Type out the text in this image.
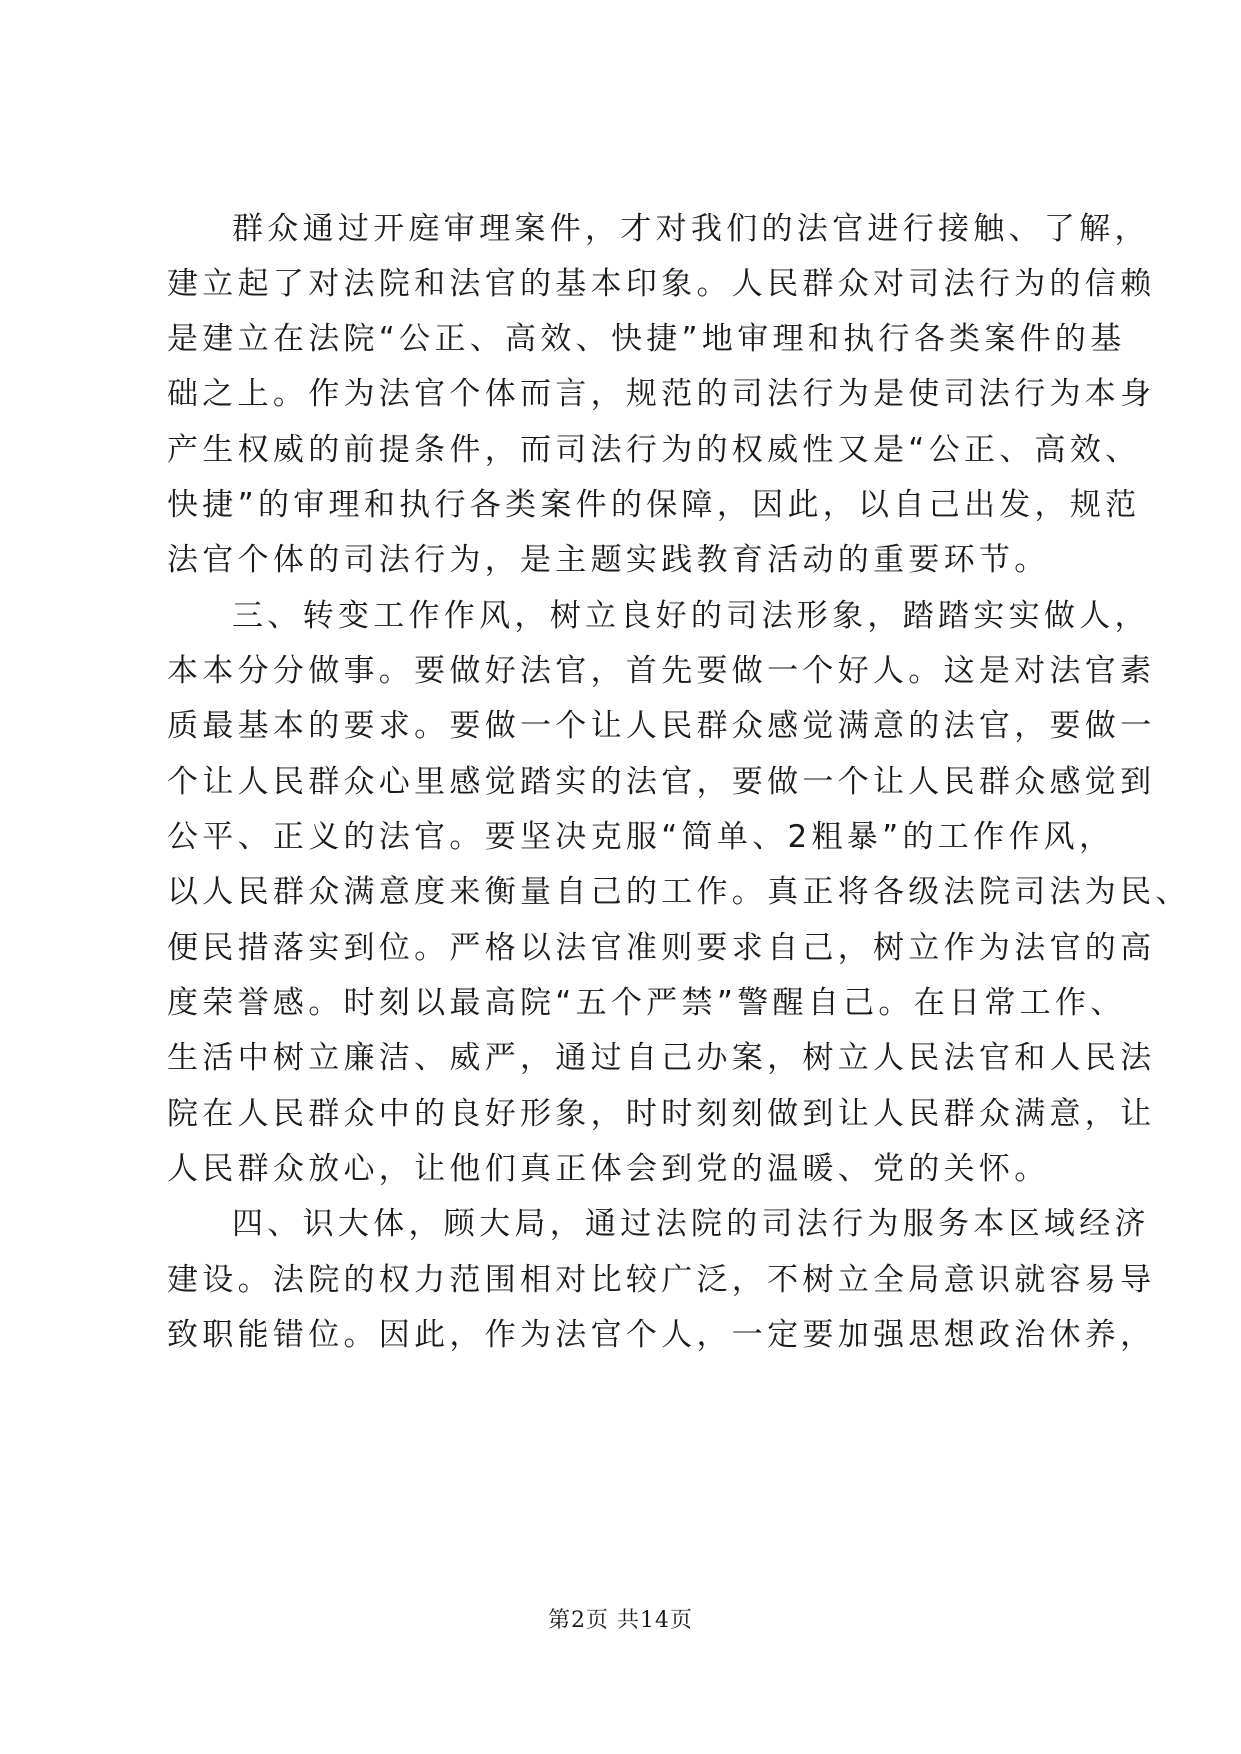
群众通过开庭审理案件，才对我们的法官进行接触、了解，
建立起了对法院和法官的基本印象。人民群众对司法行为的信赖
是建立在法院“公正、高效、快捷”地审理和执行各类案件的基
础之上。作为法官个体而言，规范的司法行为是使司法行为本身
产生权威的前提条件，而司法行为的权威性又是“公正、高效、
快捷”的审理和执行各类案件的保障，因此，以自己出发，规范
法官个体的司法行为，是主题实践教育活动的重要环节。
三、转变工作作风，树立良好的司法形象，踏踏实实做人，
本本分分做事。要做好法官，首先要做一个好人。这是对法官素
质最基本的要求。要做一个让人民群众感觉满意的法官，要做一
个让人民群众心里感觉踏实的法官，要做一个让人民群众感觉到
公平、正义的法官。要坚决克服“简单、2粗暴”的工作作风，
以人民群众满意度来衡量自己的工作。真正将各级法院司法为民、
便民措落实到位。严格以法官准则要求自己，树立作为法官的高
度荣誉感。时刻以最高院“五个严禁”警醒自己。在日常工作、
生活中树立廉洁、威严，通过自己办案，树立人民法官和人民法
院在人民群众中的良好形象，时时刻刻做到让人民群众满意，让
人民群众放心，让他们真正体会到党的温暖、党的关怀。
四、识大体，顾大局，通过法院的司法行为服务本区域经济
建设。法院的权力范围相对比较广泛，不树立全局意识就容易导
致职能错位。因此，作为法官个人，一定要加强思想政治休养，
第2页 共14页
